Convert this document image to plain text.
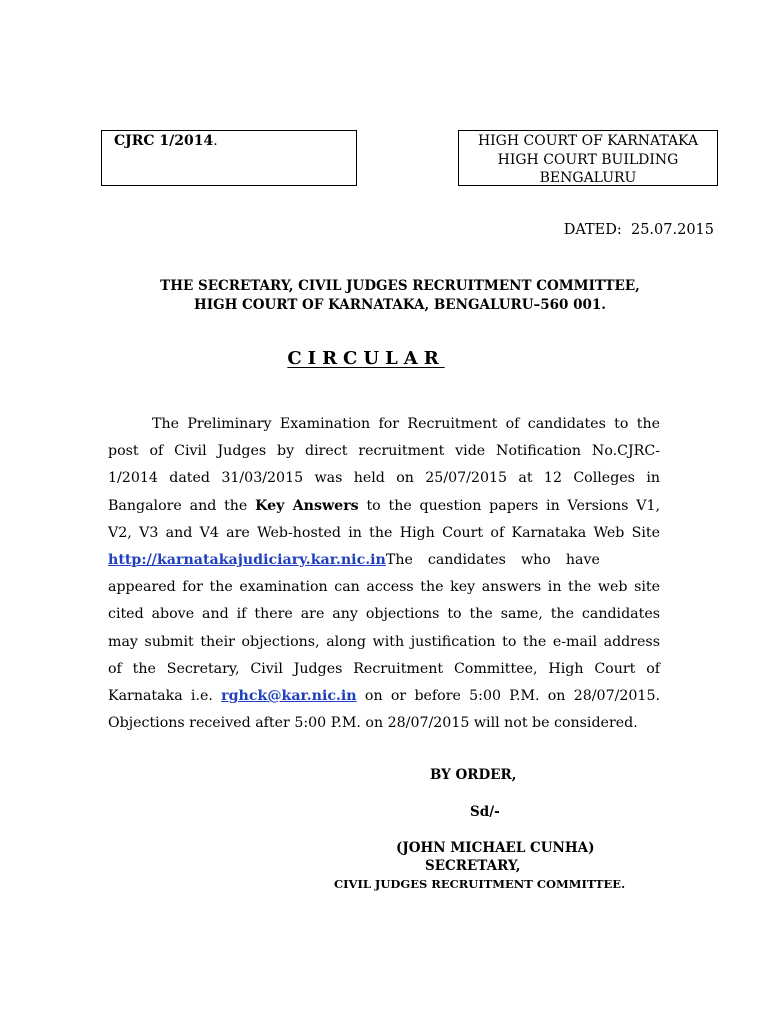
CJRC 1/2014.	HIGH COURT OF KARNATAKA
HIGH COURT BUILDING
BENGALURU
DATED:  25.07.2015
THE SECRETARY, CIVIL JUDGES RECRUITMENT COMMITTEE,
HIGH COURT OF KARNATAKA, BENGALURU–560 001.
CIRCULAR
The Preliminary Examination for Recruitment of candidates to the
post of Civil Judges by direct recruitment vide Notification No.CJRC-
1/2014 dated 31/03/2015 was held on 25/07/2015 at 12 Colleges in
Bangalore and the Key Answers to the question papers in Versions V1,
V2, V3 and V4 are Web-hosted in the High Court of Karnataka Web Site
http://karnatakajudiciary.kar.nic.inThe candidates who have
appeared for the examination can access the key answers in the web site
cited above and if there are any objections to the same, the candidates
may submit their objections, along with justification to the e-mail address
of the Secretary, Civil Judges Recruitment Committee, High Court of
Karnataka i.e. rghck@kar.nic.in on or before 5:00 P.M. on 28/07/2015.
Objections received after 5:00 P.M. on 28/07/2015 will not be considered.
BY ORDER,
Sd/-
(JOHN MICHAEL CUNHA)
SECRETARY,
CIVIL JUDGES RECRUITMENT COMMITTEE.
